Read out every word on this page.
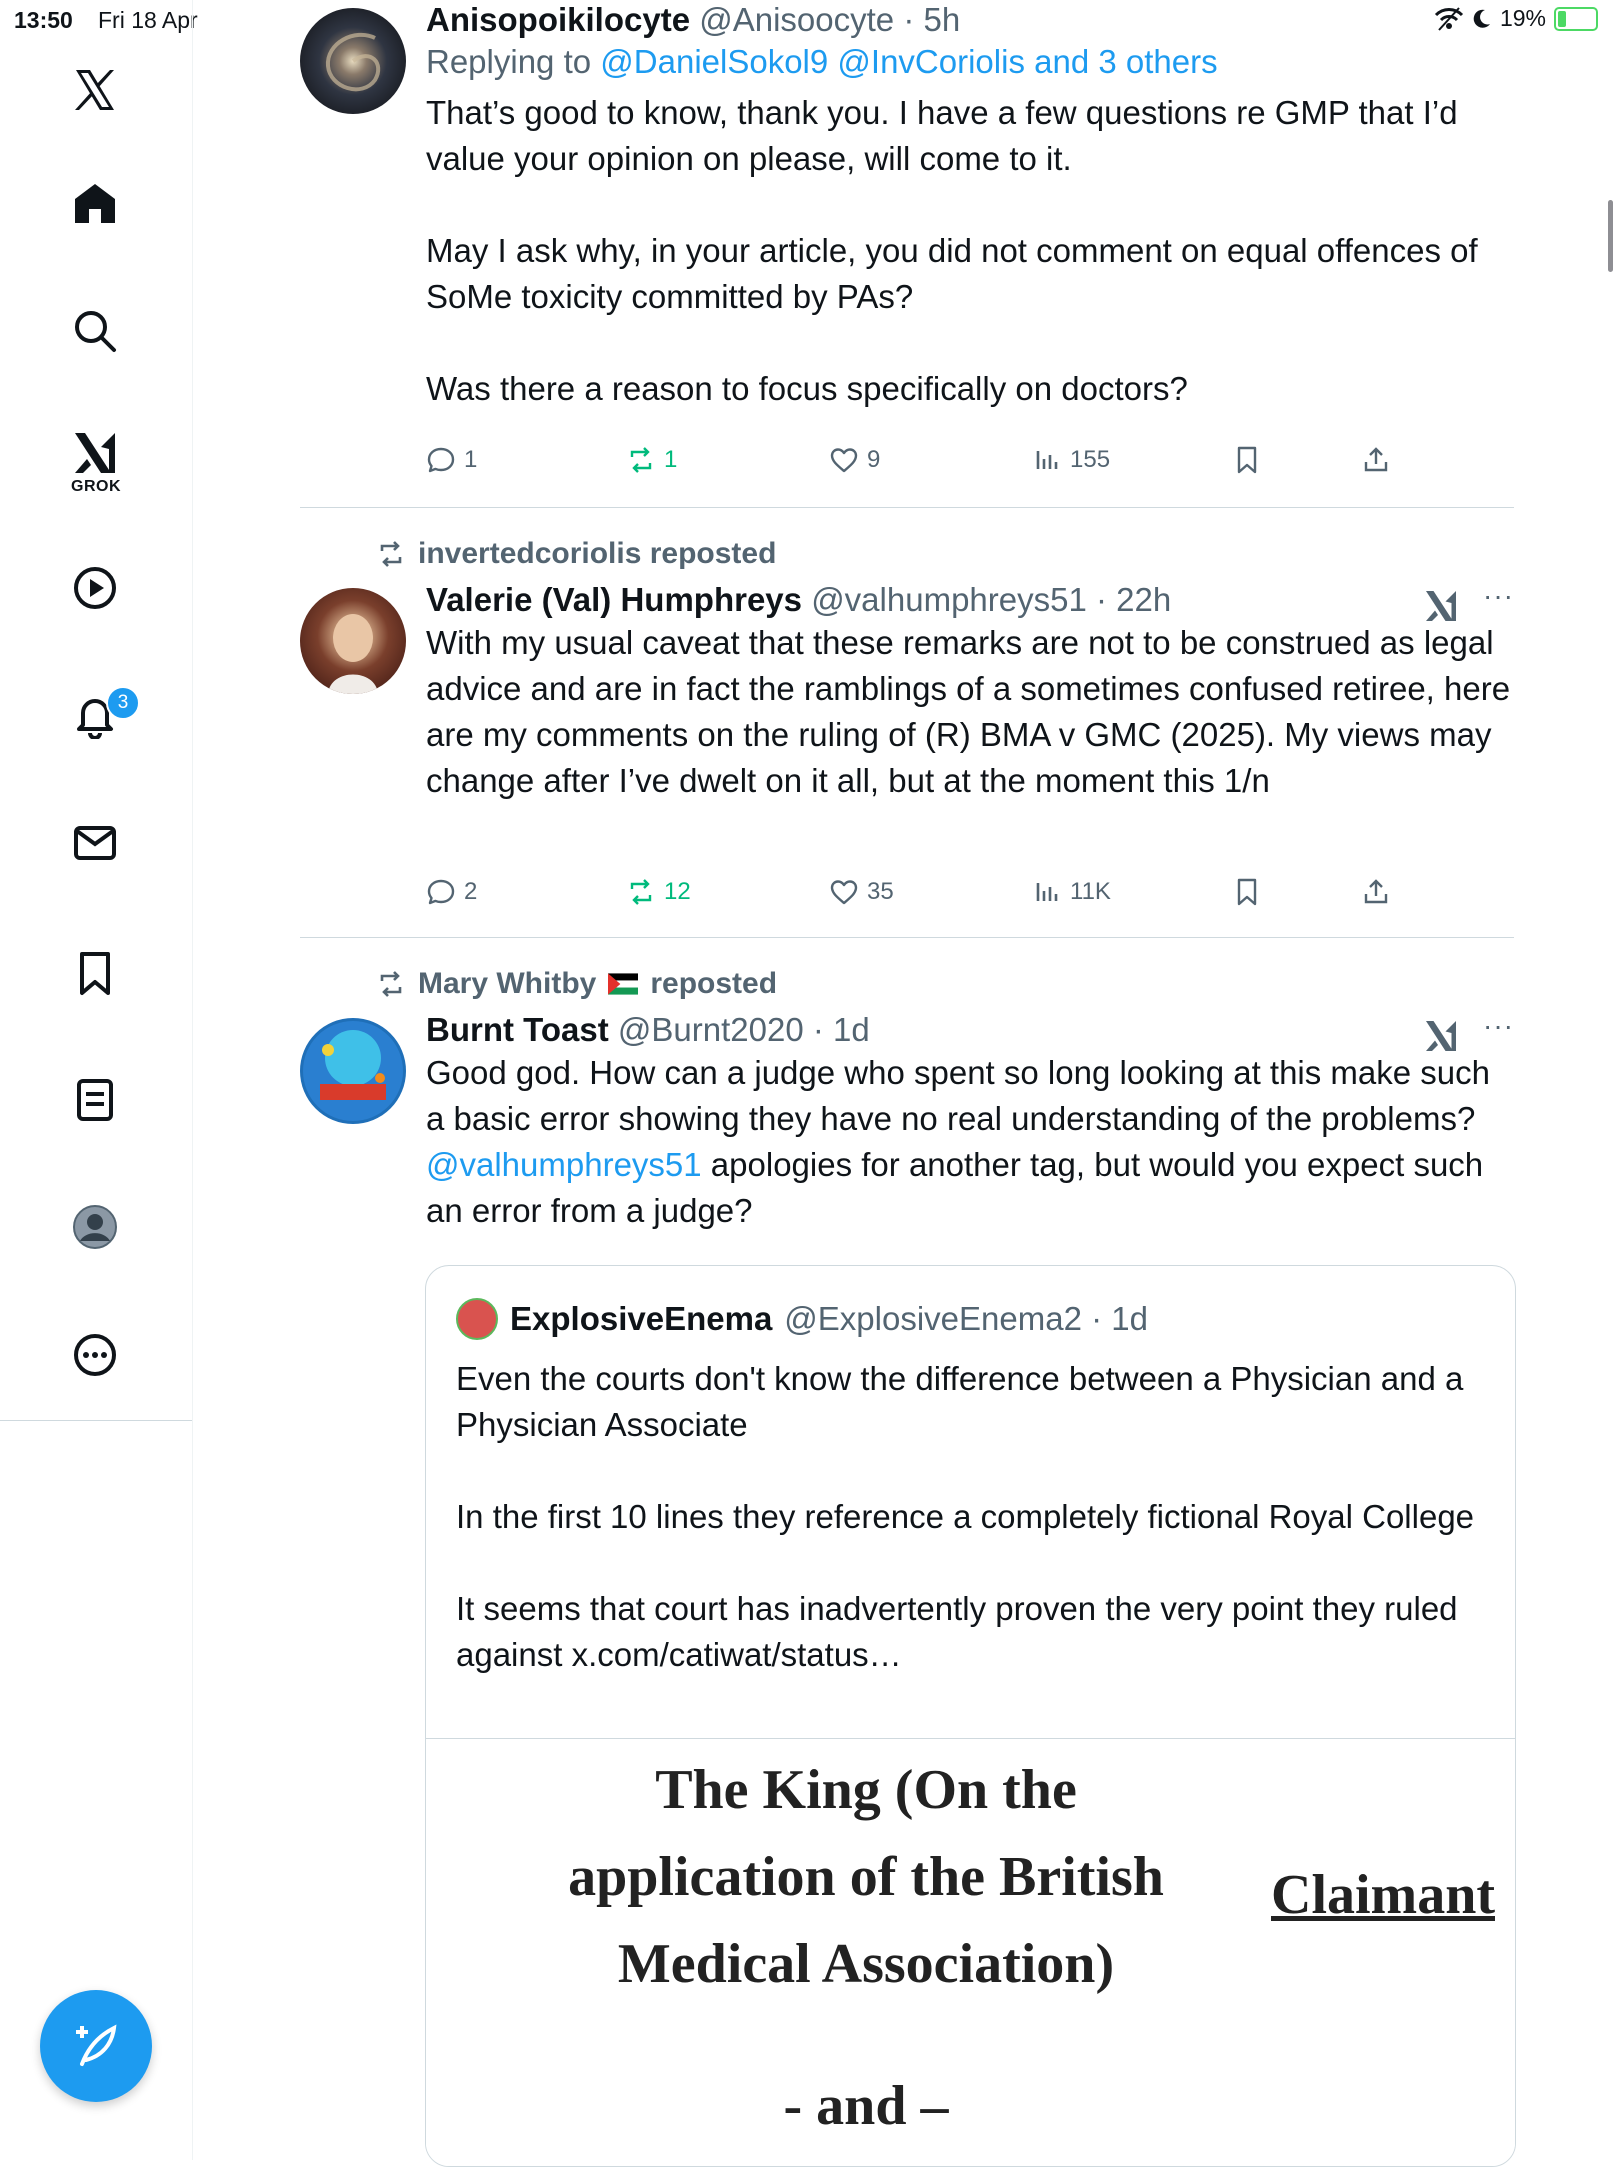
13:50 Fri 18 Apr	19%
GROK
3
Anisopoikilocyte @Anisoocyte · 5h
Replying to @DanielSokol9 @InvCoriolis and 3 others
That’s good to know, thank you. I have a few questions re GMP that I’d value your opinion on please, will come to it.

May I ask why, in your article, you did not comment on equal offences of SoMe toxicity committed by PAs?

Was there a reason to focus specifically on doctors?
1	1	9	155
invertedcoriolis reposted
Valerie (Val) Humphreys @valhumphreys51 · 22h
With my usual caveat that these remarks are not to be construed as legal advice and are in fact the ramblings of a sometimes confused retiree, here are my comments on the ruling of (R) BMA v GMC (2025). My views may change after I’ve dwelt on it all, but at the moment this 1/n
···
2	12	35	11K
Mary Whitby reposted
Burnt Toast @Burnt2020 · 1d
Good god. How can a judge who spent so long looking at this make such a basic error showing they have no real understanding of the problems? @valhumphreys51 apologies for another tag, but would you expect such an error from a judge?
···
ExplosiveEnema @ExplosiveEnema2 · 1d
Even the courts don't know the difference between a Physician and a Physician Associate

In the first 10 lines they reference a completely fictional Royal College

It seems that court has inadvertently proven the very point they ruled against x.com/catiwat/status…
The King (On the
application of the British
Medical Association)
Claimant
- and –
